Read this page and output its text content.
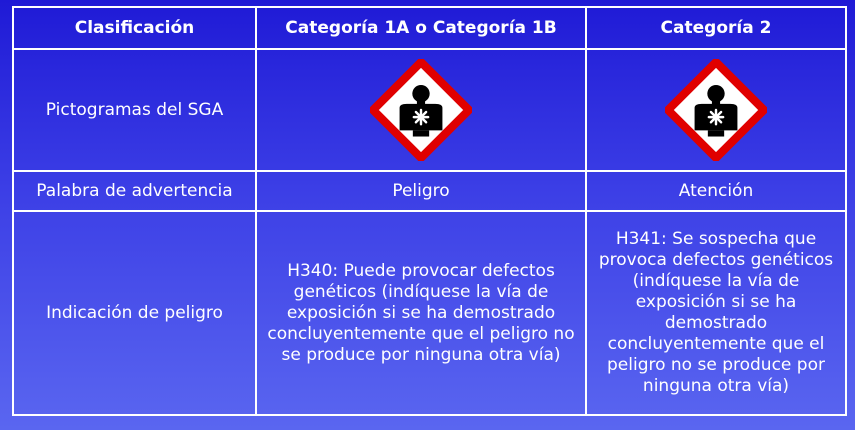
Clasificación	Categoría 1A o Categoría 1B	Categoría 2
Pictogramas del SGA	

Palabra de advertencia	Peligro	Atención
Indicación de peligro	H340: Puede provocar defectos genéticos (indíquese la vía de exposición si se ha demostrado concluyentemente que el peligro no se produce por ninguna otra vía)	H341: Se sospecha que provoca defectos genéticos (indíquese la vía de exposición si se ha demostrado concluyentemente que el peligro no se produce por ninguna otra vía)
